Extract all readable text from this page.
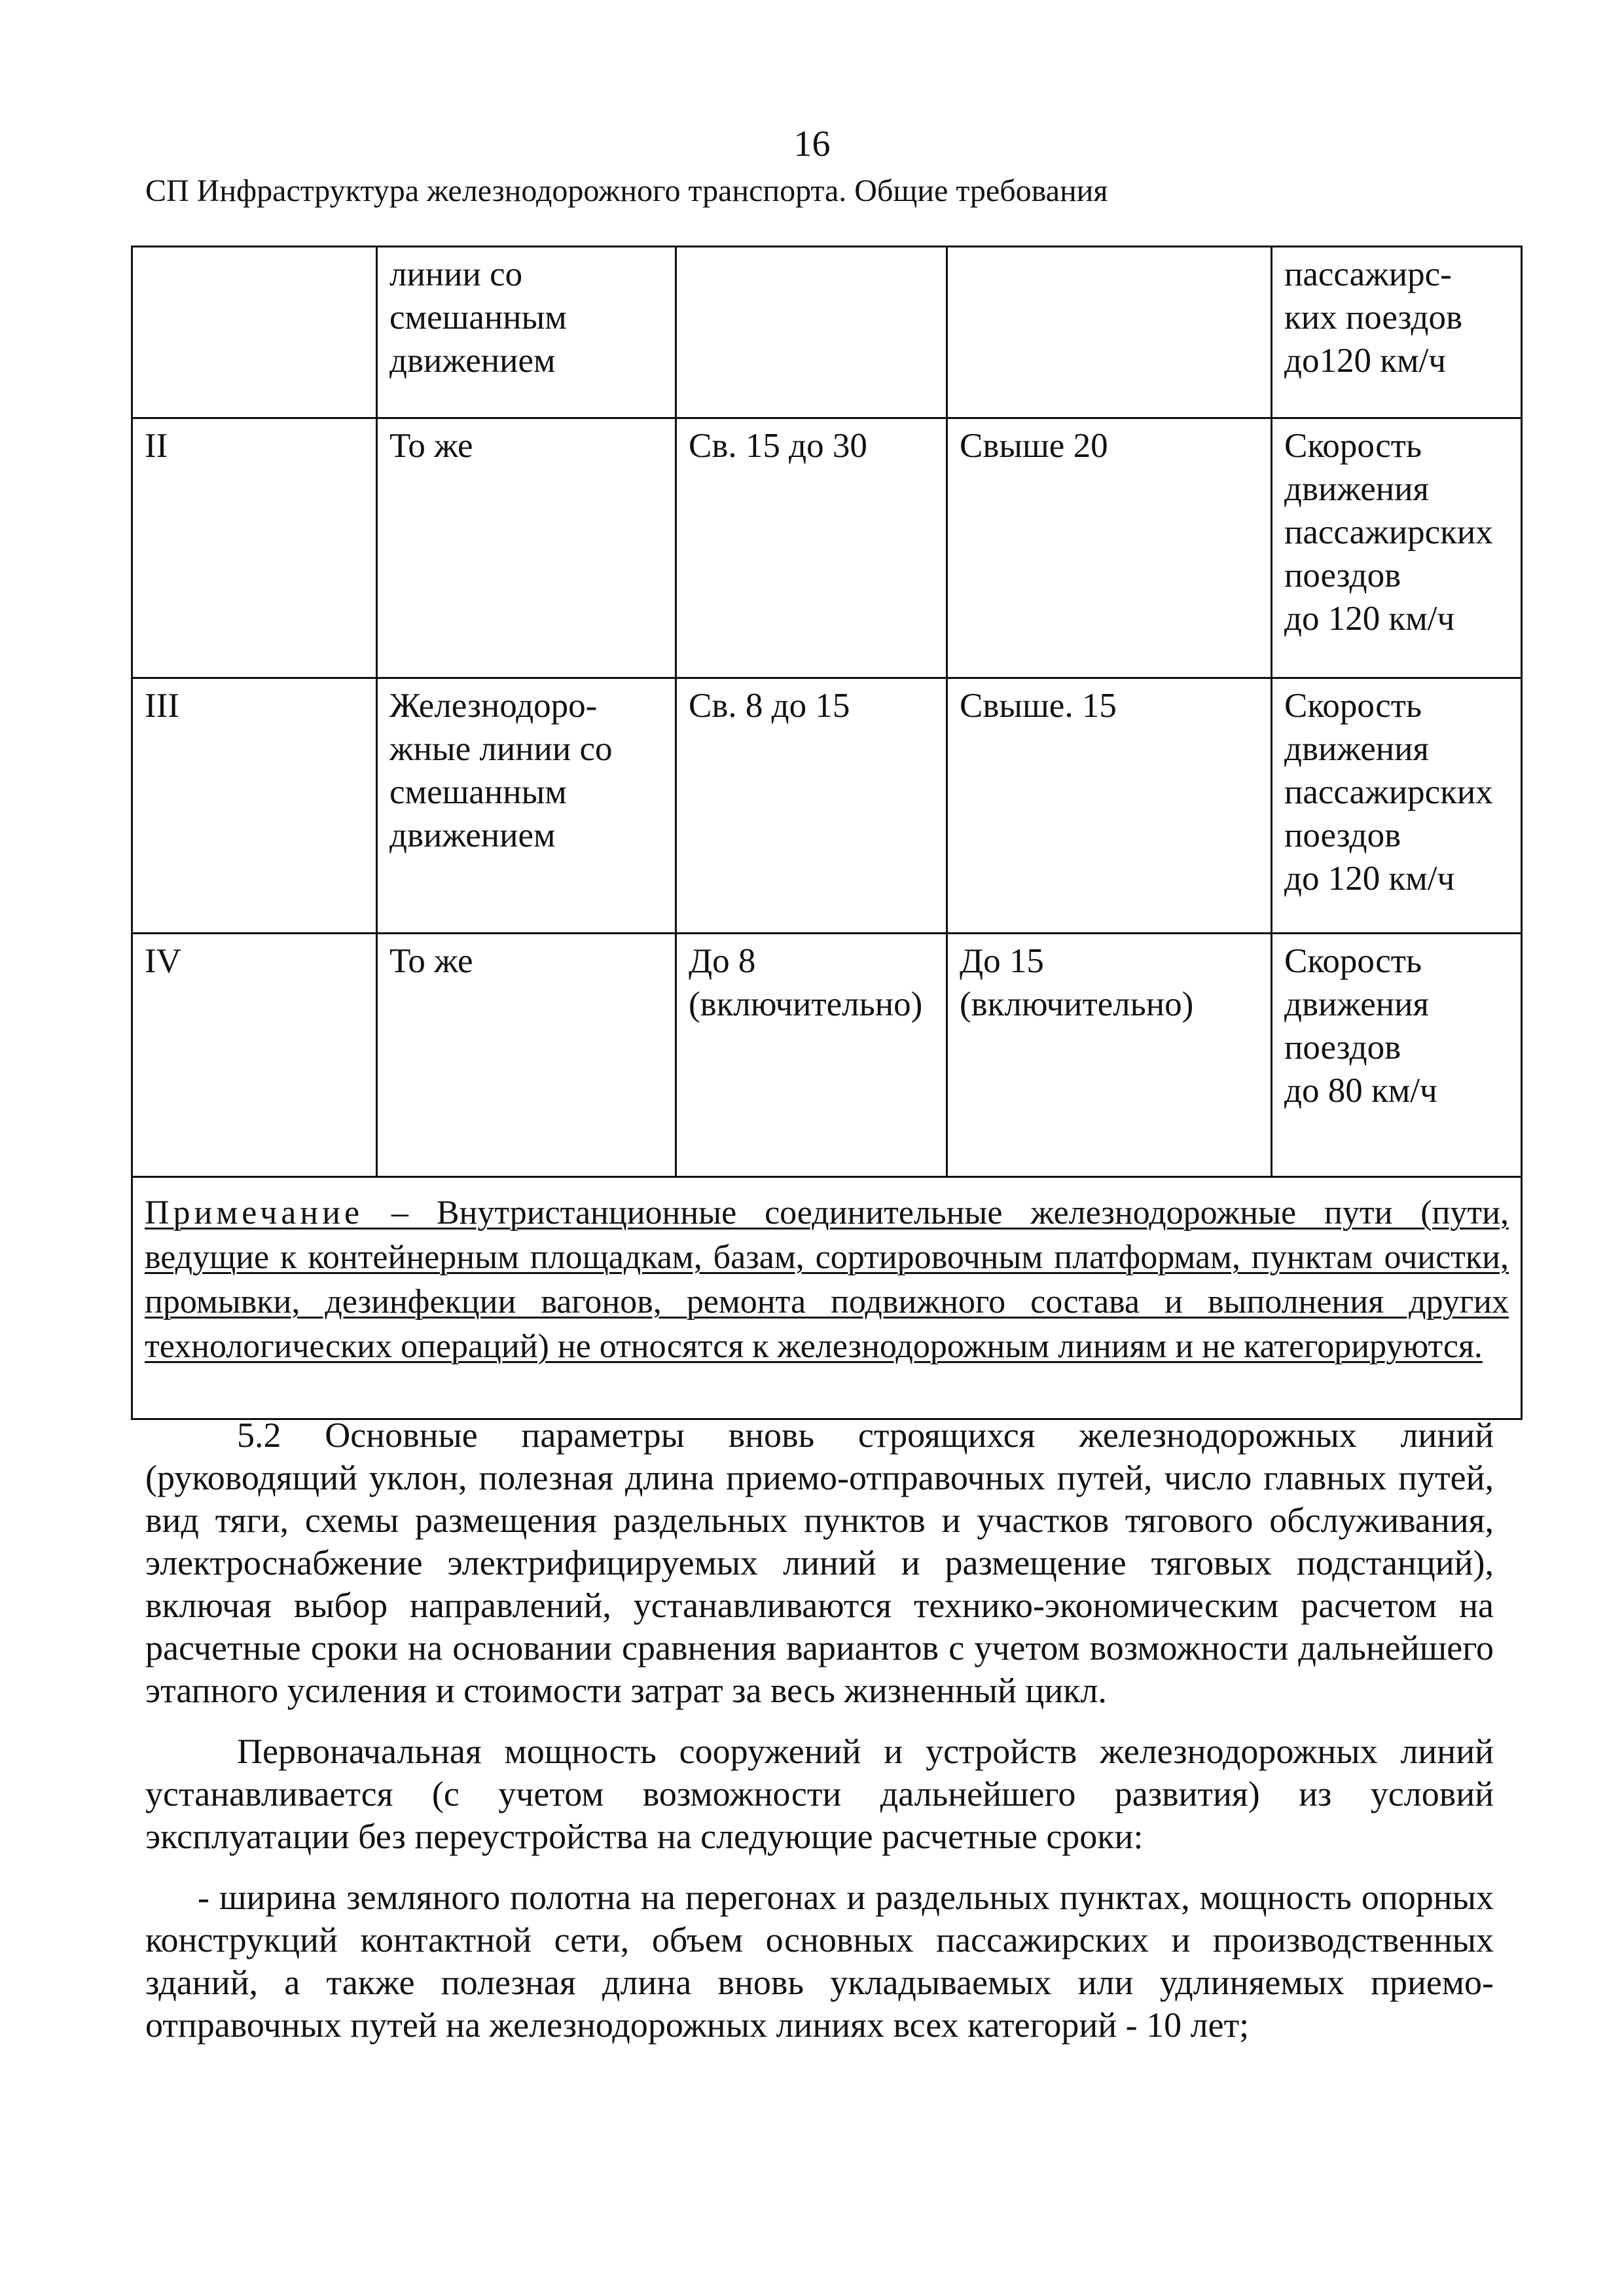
16
СП Инфраструктура железнодорожного транспорта. Общие требования

	линии со
смешанным
движением			пассажирс-
ких поездов
до120 км/ч

II	То же	Св. 15 до 30	Свыше 20	Скорость
движения
пассажирских
поездов
до 120 км/ч

III	Железнодоро-
жные линии со
смешанным
движением	Св. 8 до 15	Свыше. 15	Скорость
движения
пассажирских
поездов
до 120 км/ч

IV	То же	До 8
(включительно)	До 15
(включительно)	Скорость
движения
поездов
до 80 км/ч

Примечание – Внутристанционные соединительные железнодорожные пути (пути, ведущие к контейнерным площадкам, базам, сортировочным платформам, пунктам очистки, промывки, дезинфекции вагонов, ремонта подвижного состава и выполнения других технологических операций) не относятся к железнодорожным линиям и не категорируются.				

5.2 Основные параметры вновь строящихся железнодорожных линий (руководящий уклон, полезная длина приемо-отправочных путей, число главных путей, вид тяги, схемы размещения раздельных пунктов и участков тягового обслуживания, электроснабжение электрифицируемых линий и размещение тяговых подстанций), включая выбор направлений, устанавливаются технико-экономическим расчетом на расчетные сроки на основании сравнения вариантов с учетом возможности дальнейшего этапного усиления и стоимости затрат за весь жизненный цикл.

Первоначальная мощность сооружений и устройств железнодорожных линий устанавливается (с учетом возможности дальнейшего развития) из условий эксплуатации без переустройства на следующие расчетные сроки:

- ширина земляного полотна на перегонах и раздельных пунктах, мощность опорных конструкций контактной сети, объем основных пассажирских и производственных зданий, а также полезная длина вновь укладываемых или удлиняемых приемо-отправочных путей на железнодорожных линиях всех категорий - 10 лет;
